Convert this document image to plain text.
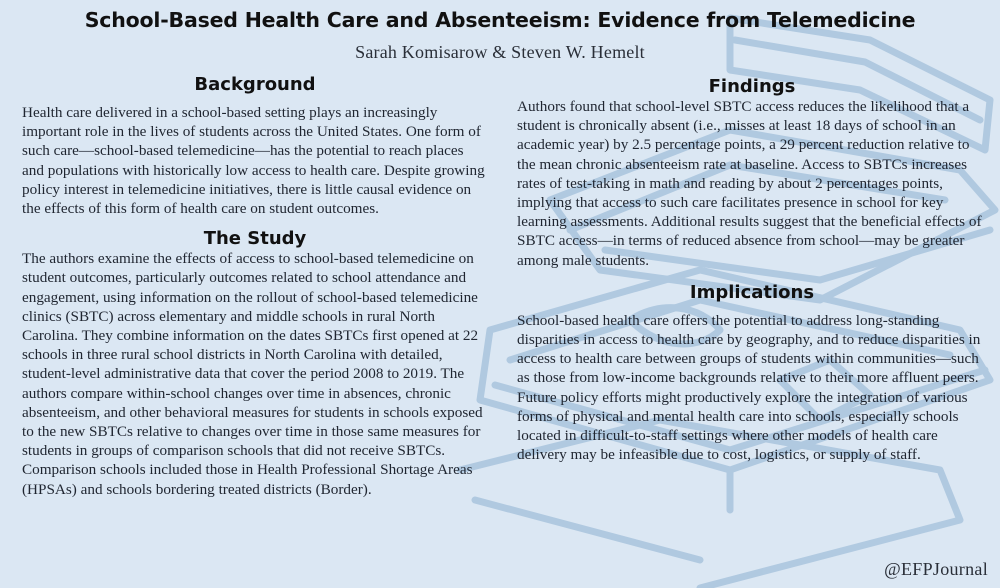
School-Based Health Care and Absenteeism: Evidence from Telemedicine
Sarah Komisarow & Steven W. Hemelt
Background

Health care delivered in a school-based setting plays an increasingly important role in the lives of students across the United States. One form of such care—school-based telemedicine—has the potential to reach places and populations with historically low access to health care. Despite growing policy interest in telemedicine initiatives, there is little causal evidence on the effects of this form of health care on student outcomes.

The Study

The authors examine the effects of access to school-based telemedicine on student outcomes, particularly outcomes related to school attendance and engagement, using information on the rollout of school-based telemedicine clinics (SBTC) across elementary and middle schools in rural North Carolina. They combine information on the dates SBTCs first opened at 22 schools in three rural school districts in North Carolina with detailed, student-level administrative data that cover the period 2008 to 2019. The authors compare within-school changes over time in absences, chronic absenteeism, and other behavioral measures for students in schools exposed to the new SBTCs relative to changes over time in those same measures for students in groups of comparison schools that did not receive SBTCs. Comparison schools included those in Health Professional Shortage Areas (HPSAs) and schools bordering treated districts (Border).

Findings

Authors found that school-level SBTC access reduces the likelihood that a student is chronically absent (i.e., misses at least 18 days of school in an academic year) by 2.5 percentage points, a 29 percent reduction relative to the mean chronic absenteeism rate at baseline. Access to SBTCs increases rates of test-taking in math and reading by about 2 percentages points, implying that access to such care facilitates presence in school for key learning assessments. Additional results suggest that the beneficial effects of SBTC access—in terms of reduced absence from school—may be greater among male students.

Implications

School-based health care offers the potential to address long-standing disparities in access to health care by geography, and to reduce disparities in access to health care between groups of students within communities—such as those from low-income backgrounds relative to their more affluent peers. Future policy efforts might productively explore the integration of various forms of physical and mental health care into schools, especially schools located in difficult-to-staff settings where other models of health care delivery may be infeasible due to cost, logistics, or supply of staff.

@EFPJournal
